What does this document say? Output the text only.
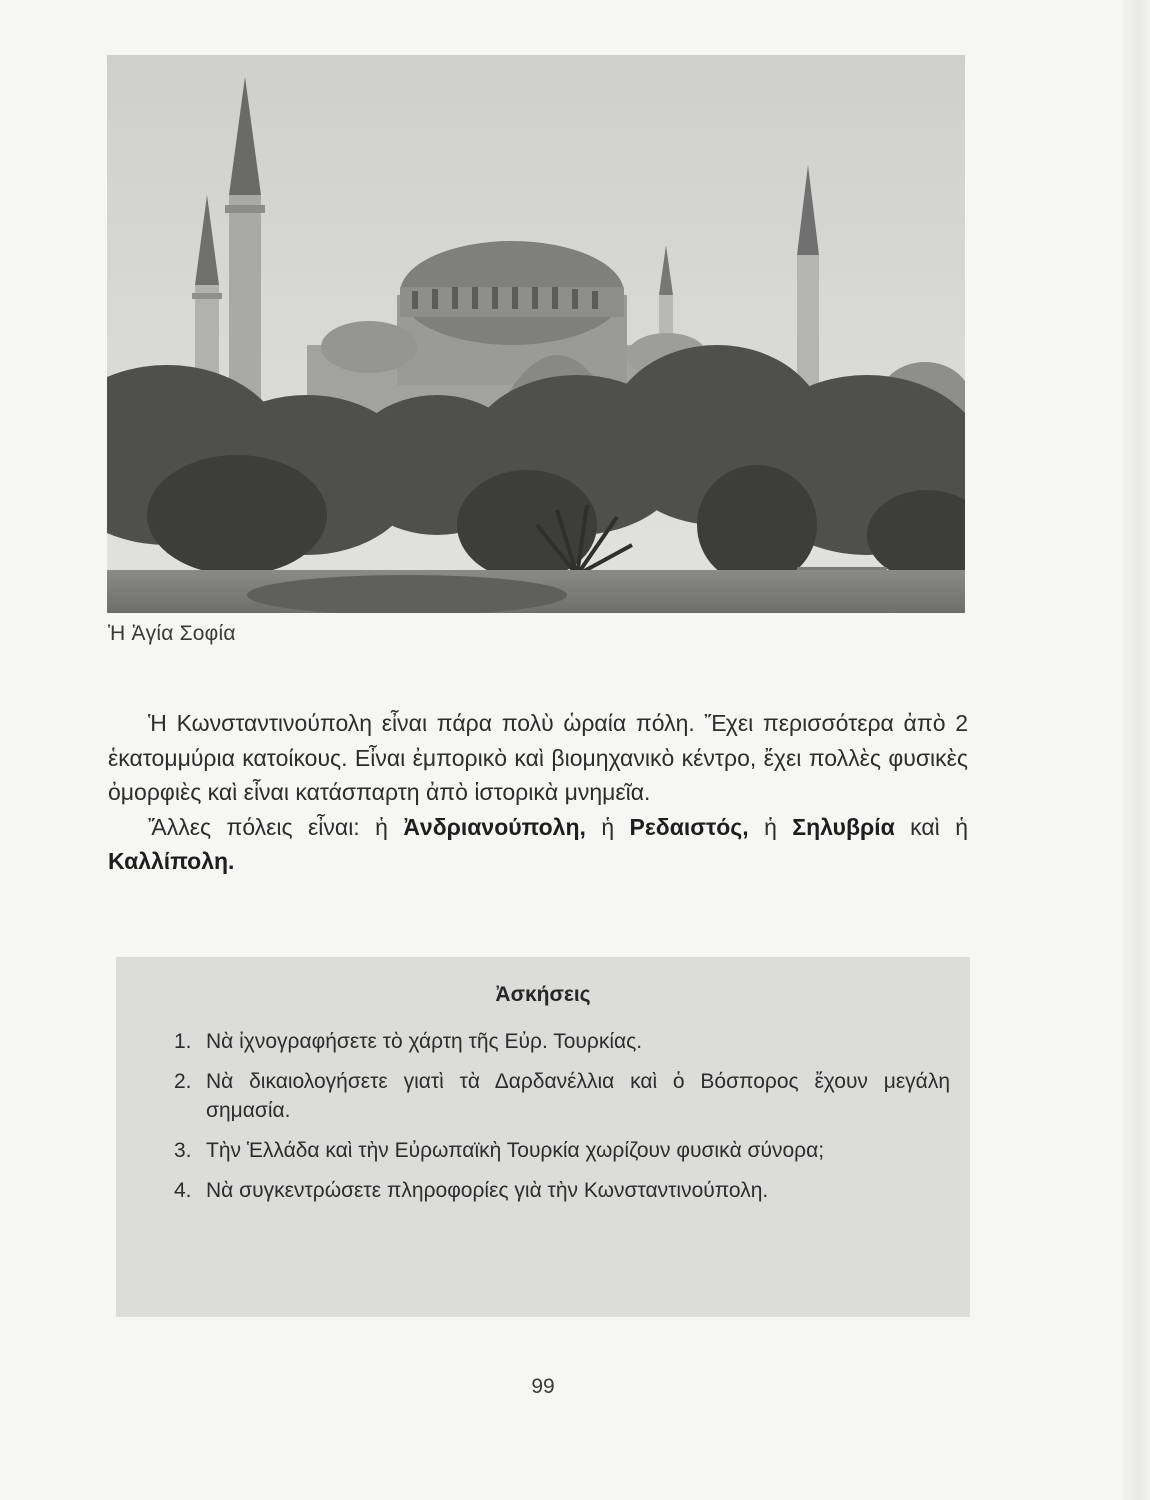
Ἡ Ἁγία Σοφία

Ἡ Κωνσταντινούπολη εἶναι πάρα πολὺ ὡραία πόλη. Ἔχει περισσότερα ἀπὸ 2 ἑκατομμύρια κατοίκους. Εἶναι ἐμπορικὸ καὶ βιομηχανικὸ κέντρο, ἔχει πολλὲς φυσικὲς ὀμορφιὲς καὶ εἶναι κατάσπαρτη ἀπὸ ἱστορικὰ μνημεῖα.

Ἄλλες πόλεις εἶναι: ἡ Ἀνδριανούπολη, ἡ Ρεδαιστός, ἡ Σηλυβρία καὶ ἡ Καλλίπολη.

Ἀσκήσεις
1. Νὰ ἰχνογραφήσετε τὸ χάρτη τῆς Εὐρ. Τουρκίας.
2. Νὰ δικαιολογήσετε γιατὶ τὰ Δαρδανέλλια καὶ ὁ Βόσπορος ἔχουν μεγάλη σημασία.
3. Τὴν Ἑλλάδα καὶ τὴν Εὐρωπαϊκὴ Τουρκία χωρίζουν φυσικὰ σύνορα;
4. Νὰ συγκεντρώσετε πληροφορίες γιὰ τὴν Κωνσταντινούπολη.
99
